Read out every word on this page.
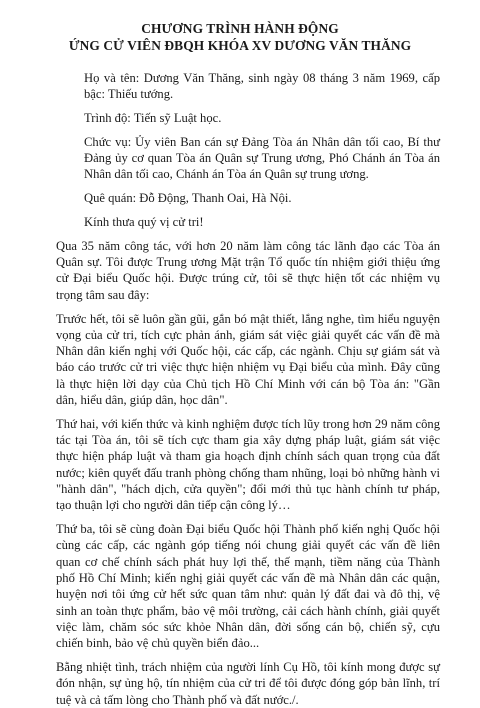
CHƯƠNG TRÌNH HÀNH ĐỘNG
ỨNG CỬ VIÊN ĐBQH KHÓA XV DƯƠNG VĂN THĂNG

Họ và tên: Dương Văn Thăng, sinh ngày 08 tháng 3 năm 1969, cấp bậc: Thiếu tướng.

Trình độ: Tiến sỹ Luật học.

Chức vụ: Ủy viên Ban cán sự Đảng Tòa án Nhân dân tối cao, Bí thư Đảng ủy cơ quan Tòa án Quân sự Trung ương, Phó Chánh án Tòa án Nhân dân tối cao, Chánh án Tòa án Quân sự trung ương.

Quê quán: Đỗ Động, Thanh Oai, Hà Nội.

Kính thưa quý vị cử tri!

Qua 35 năm công tác, với hơn 20 năm làm công tác lãnh đạo các Tòa án Quân sự. Tôi được Trung ương Mặt trận Tổ quốc tín nhiệm giới thiệu ứng cử Đại biểu Quốc hội. Được trúng cử, tôi sẽ thực hiện tốt các nhiệm vụ trọng tâm sau đây:

Trước hết, tôi sẽ luôn gần gũi, gắn bó mật thiết, lắng nghe, tìm hiểu nguyện vọng của cử tri, tích cực phản ánh, giám sát việc giải quyết các vấn đề mà Nhân dân kiến nghị với Quốc hội, các cấp, các ngành. Chịu sự giám sát và báo cáo trước cử tri việc thực hiện nhiệm vụ Đại biểu của mình. Đây cũng là thực hiện lời dạy của Chủ tịch Hồ Chí Minh với cán bộ Tòa án: "Gần dân, hiểu dân, giúp dân, học dân".

Thứ hai, với kiến thức và kinh nghiệm được tích lũy trong hơn 29 năm công tác tại Tòa án, tôi sẽ tích cực tham gia xây dựng pháp luật, giám sát việc thực hiện pháp luật và tham gia hoạch định chính sách quan trọng của đất nước; kiên quyết đấu tranh phòng chống tham nhũng, loại bỏ những hành vi "hành dân", "hách dịch, cửa quyền"; đổi mới thủ tục hành chính tư pháp, tạo thuận lợi cho người dân tiếp cận công lý…

Thứ ba, tôi sẽ cùng đoàn Đại biểu Quốc hội Thành phố kiến nghị Quốc hội cùng các cấp, các ngành góp tiếng nói chung giải quyết các vấn đề liên quan cơ chế chính sách phát huy lợi thế, thế mạnh, tiềm năng của Thành phố Hồ Chí Minh; kiến nghị giải quyết các vấn đề mà Nhân dân các quận, huyện nơi tôi ứng cử hết sức quan tâm như: quản lý đất đai và đô thị, vệ sinh an toàn thực phẩm, bảo vệ môi trường, cải cách hành chính, giải quyết việc làm, chăm sóc sức khỏe Nhân dân, đời sống cán bộ, chiến sỹ, cựu chiến binh, bảo vệ chủ quyền biển đảo...

Bằng nhiệt tình, trách nhiệm của người lính Cụ Hồ, tôi kính mong được sự đón nhận, sự ủng hộ, tín nhiệm của cử tri để tôi được đóng góp bản lĩnh, trí tuệ và cả tấm lòng cho Thành phố và đất nước./.
